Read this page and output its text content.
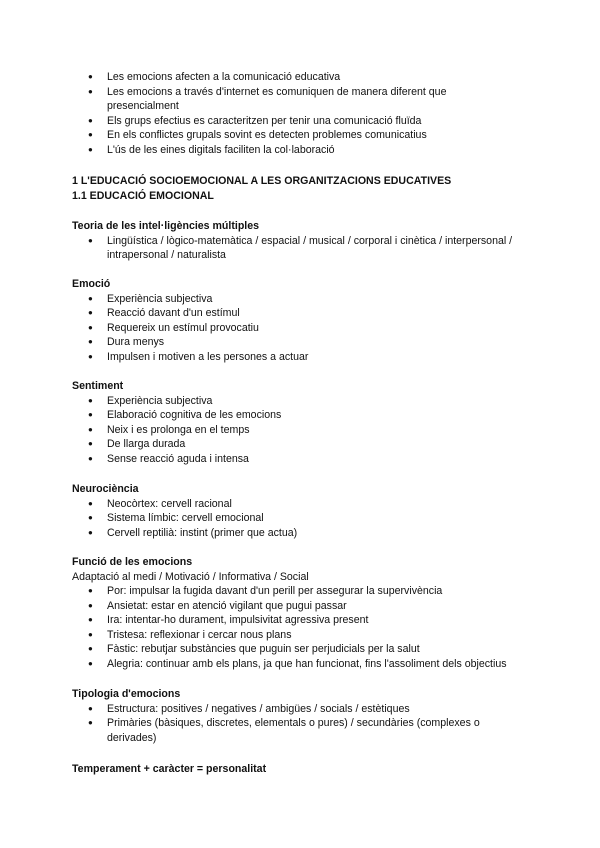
● Les emocions afecten a la comunicació educativa
● Les emocions a través d'internet es comuniquen de manera diferent que presencialment
● Els grups efectius es caracteritzen per tenir una comunicació fluïda
● En els conflictes grupals sovint es detecten problemes comunicatius
● L'ús de les eines digitals faciliten la col·laboració

1 L'EDUCACIÓ SOCIOEMOCIONAL A LES ORGANITZACIONS EDUCATIVES

1.1 EDUCACIÓ EMOCIONAL

Teoria de les intel·ligències múltiples

● Lingüística / lògico-matemàtica / espacial / musical / corporal i cinètica / interpersonal / intrapersonal / naturalista

Emoció

● Experiència subjectiva
● Reacció davant d'un estímul
● Requereix un estímul provocatiu
● Dura menys
● Impulsen i motiven a les persones a actuar

Sentiment

● Experiència subjectiva
● Elaboració cognitiva de les emocions
● Neix i es prolonga en el temps
● De llarga durada
● Sense reacció aguda i intensa

Neurociència

● Neocòrtex: cervell racional
● Sistema límbic: cervell emocional
● Cervell reptilià: instint (primer que actua)

Funció de les emocions

Adaptació al medi / Motivació / Informativa / Social

● Por: impulsar la fugida davant d'un perill per assegurar la supervivència
● Ansietat: estar en atenció vigilant que pugui passar
● Ira: intentar-ho durament, impulsivitat agressiva present
● Tristesa: reflexionar i cercar nous plans
● Fàstic: rebutjar substàncies que puguin ser perjudicials per la salut
● Alegria: continuar amb els plans, ja que han funcionat, fins l'assoliment dels objectius

Tipologia d'emocions

● Estructura: positives / negatives / ambigües / socials / estètiques
● Primàries (bàsiques, discretes, elementals o pures) / secundàries (complexes o derivades)

Temperament + caràcter = personalitat
